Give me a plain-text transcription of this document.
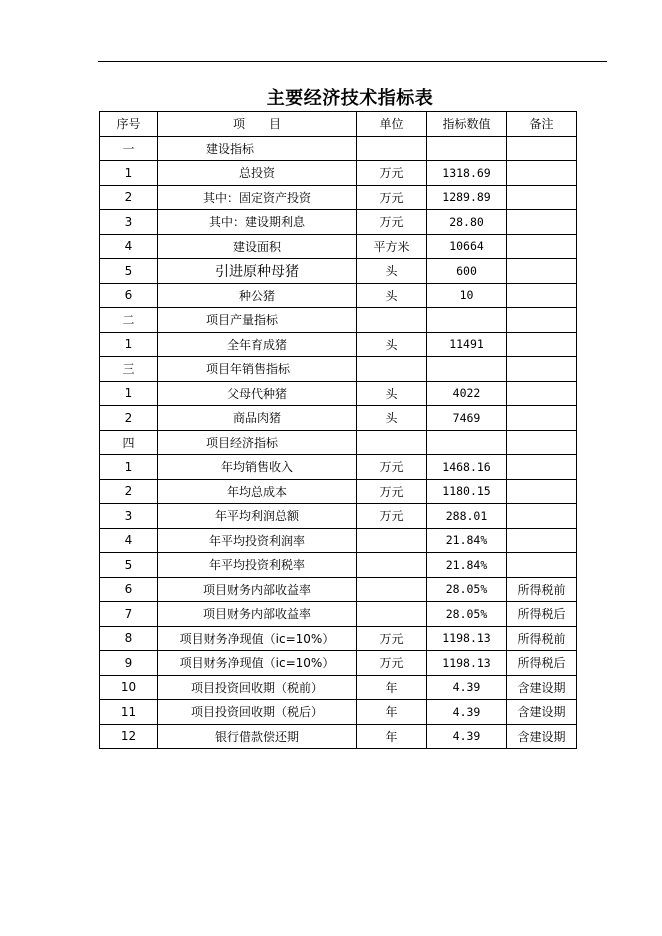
主要经济技术指标表
序号	项　　目	单位	指标数值	备注
一	建设指标			
1	总投资	万元	1318.69	
2	其中：固定资产投资	万元	1289.89	
3	其中：建设期利息	万元	28.80	
4	建设面积	平方米	10664	
5	引进原种母猪	头	600	
6	种公猪	头	10	
二	项目产量指标			
1	全年育成猪	头	11491	
三	项目年销售指标			
1	父母代种猪	头	4022	
2	商品肉猪	头	7469	
四	项目经济指标			
1	年均销售收入	万元	1468.16	
2	年均总成本	万元	1180.15	
3	年平均利润总额	万元	288.01	
4	年平均投资利润率		21.84%	
5	年平均投资利税率		21.84%	
6	项目财务内部收益率		28.05%	所得税前
7	项目财务内部收益率		28.05%	所得税后
8	项目财务净现值（ic=10%）	万元	1198.13	所得税前
9	项目财务净现值（ic=10%）	万元	1198.13	所得税后
10	项目投资回收期（税前）	年	4.39	含建设期
11	项目投资回收期（税后）	年	4.39	含建设期
12	银行借款偿还期	年	4.39	含建设期
